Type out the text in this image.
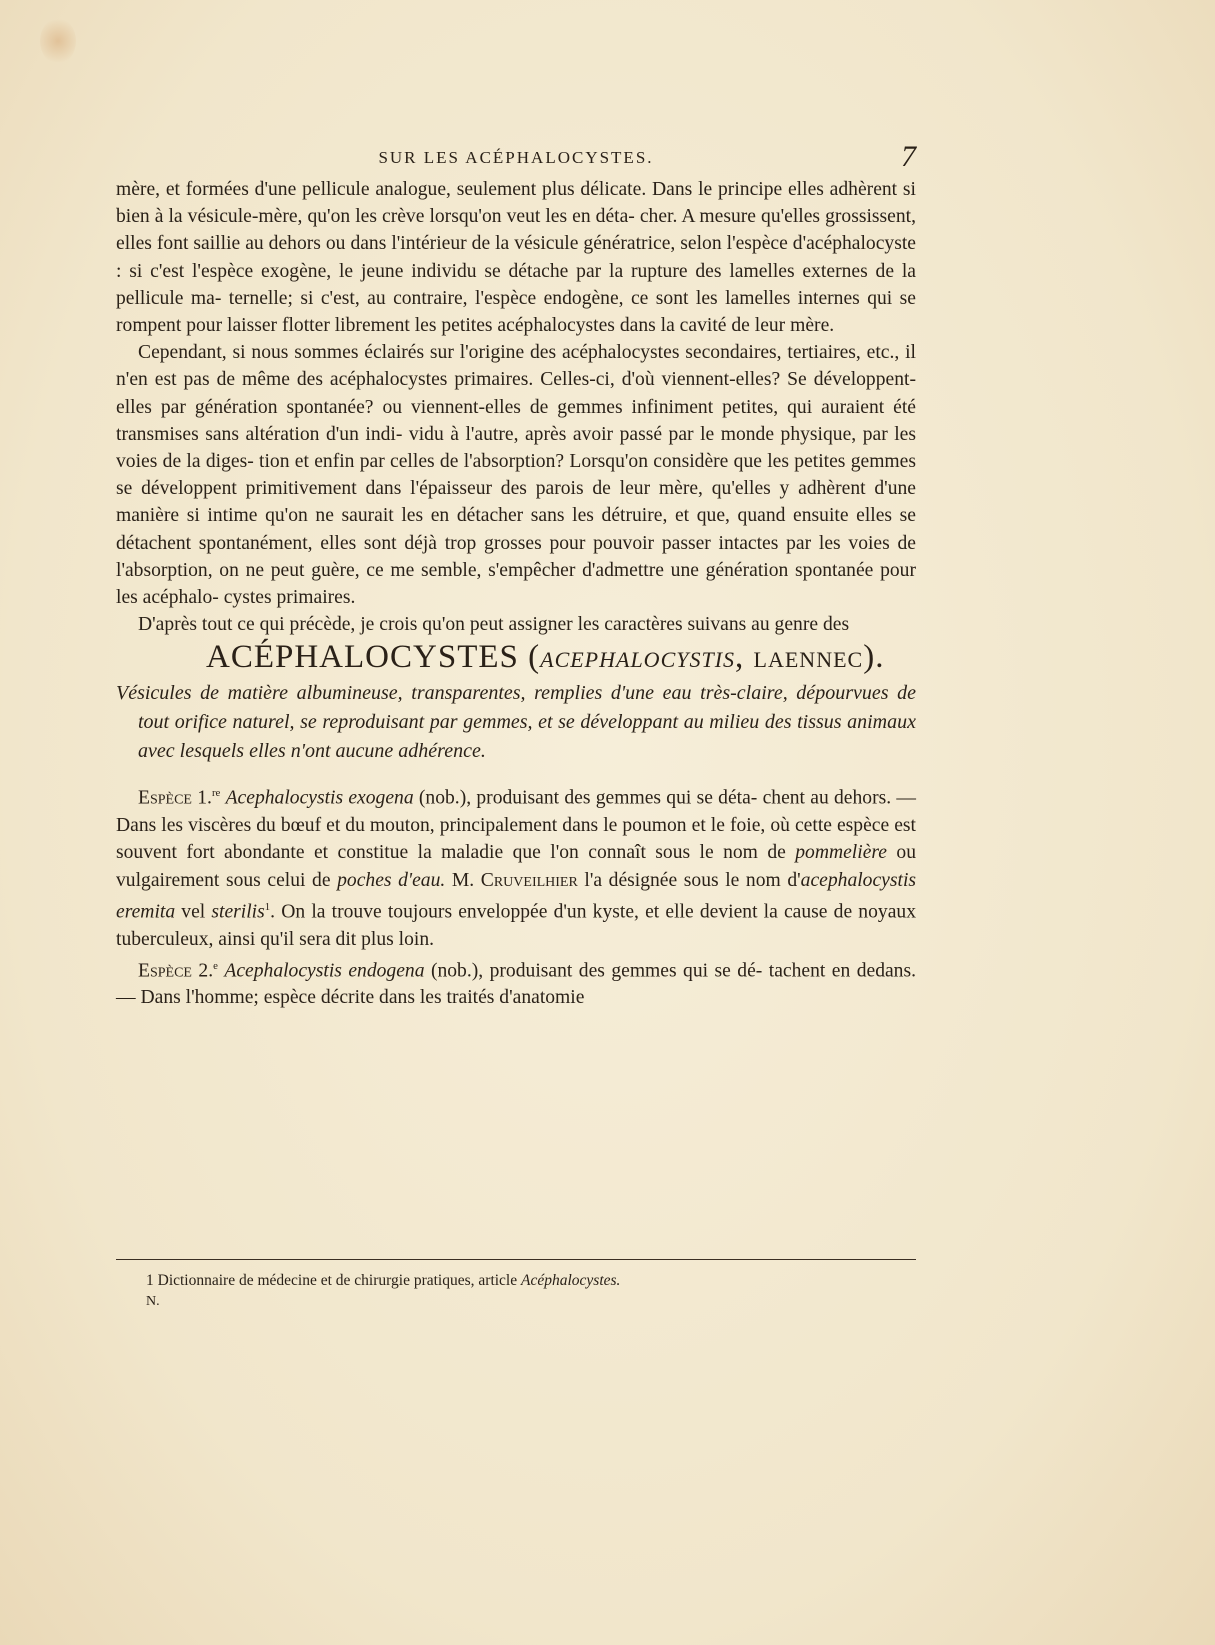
SUR LES ACÉPHALOCYSTES.	7

mère, et formées d'une pellicule analogue, seulement plus délicate. Dans le principe elles adhèrent si bien à la vésicule-mère, qu'on les crève lorsqu'on veut les en déta- cher. A mesure qu'elles grossissent, elles font saillie au dehors ou dans l'intérieur de la vésicule génératrice, selon l'espèce d'acéphalocyste : si c'est l'espèce exogène, le jeune individu se détache par la rupture des lamelles externes de la pellicule ma- ternelle; si c'est, au contraire, l'espèce endogène, ce sont les lamelles internes qui se rompent pour laisser flotter librement les petites acéphalocystes dans la cavité de leur mère.

Cependant, si nous sommes éclairés sur l'origine des acéphalocystes secondaires, tertiaires, etc., il n'en est pas de même des acéphalocystes primaires. Celles-ci, d'où viennent-elles? Se développent-elles par génération spontanée? ou viennent-elles de gemmes infiniment petites, qui auraient été transmises sans altération d'un indi- vidu à l'autre, après avoir passé par le monde physique, par les voies de la diges- tion et enfin par celles de l'absorption? Lorsqu'on considère que les petites gemmes se développent primitivement dans l'épaisseur des parois de leur mère, qu'elles y adhèrent d'une manière si intime qu'on ne saurait les en détacher sans les détruire, et que, quand ensuite elles se détachent spontanément, elles sont déjà trop grosses pour pouvoir passer intactes par les voies de l'absorption, on ne peut guère, ce me semble, s'empêcher d'admettre une génération spontanée pour les acéphalo- cystes primaires.

D'après tout ce qui précède, je crois qu'on peut assigner les caractères suivans au genre des

ACÉPHALOCYSTES (ACEPHALOCYSTIS, LAENNEC).

Vésicules de matière albumineuse, transparentes, remplies d'une eau très-claire, dépourvues de tout orifice naturel, se reproduisant par gemmes, et se développant au milieu des tissus animaux avec lesquels elles n'ont aucune adhérence.

Espèce 1.$^{re}$ Acephalocystis exogena (nob.), produisant des gemmes qui se déta- chent au dehors. — Dans les viscères du bœuf et du mouton, principalement dans le poumon et le foie, où cette espèce est souvent fort abondante et constitue la maladie que l'on connaît sous le nom de pommelière ou vulgairement sous celui de poches d'eau. M. Cruveilhier l'a désignée sous le nom d'acephalocystis eremita vel sterilis$^1$. On la trouve toujours enveloppée d'un kyste, et elle devient la cause de noyaux tuberculeux, ainsi qu'il sera dit plus loin.

Espèce 2.$^e$ Acephalocystis endogena (nob.), produisant des gemmes qui se dé- tachent en dedans. — Dans l'homme; espèce décrite dans les traités d'anatomie

1 Dictionnaire de médecine et de chirurgie pratiques, article Acéphalocystes.
N.
